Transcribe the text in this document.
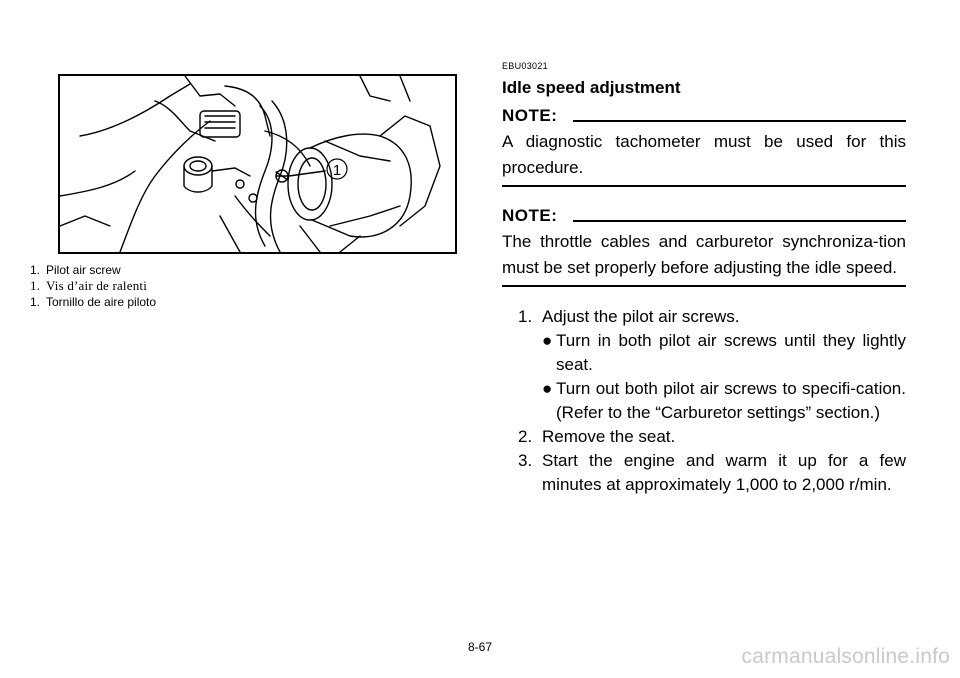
1
1. Pilot air screw
1. Vis d’air de ralenti
1. Tornillo de aire piloto
EBU03021
Idle speed adjustment
NOTE:
A diagnostic tachometer must be used for this procedure.
NOTE:
The throttle cables and carburetor synchroniza-tion must be set properly before adjusting the idle speed.
1. Adjust the pilot air screws.
● Turn in both pilot air screws until they lightly seat.
● Turn out both pilot air screws to specifi-cation. (Refer to the “Carburetor settings” section.)
2. Remove the seat.
3. Start the engine and warm it up for a few minutes at approximately 1,000 to 2,000 r/min.
8-67	carmanualsonline.info
